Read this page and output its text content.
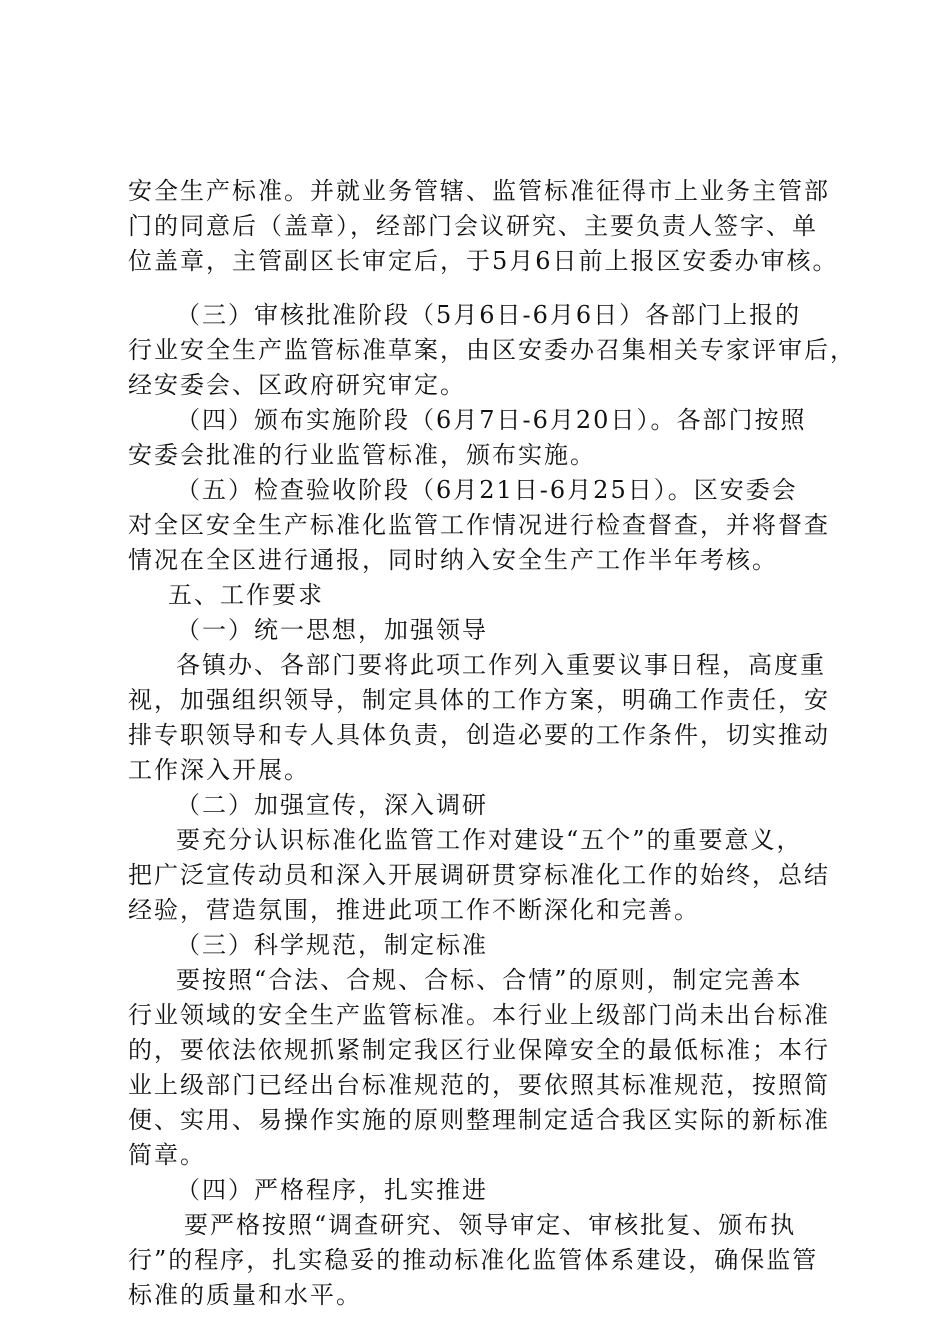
安全生产标准。并就业务管辖、监管标准征得市上业务主管部
门的同意后（盖章），经部门会议研究、主要负责人签字、单
位盖章，主管副区长审定后，于5月6日前上报区安委办审核。
（三）审核批准阶段（5月6日-6月6日）各部门上报的
行业安全生产监管标准草案，由区安委办召集相关专家评审后，
经安委会、区政府研究审定。
（四）颁布实施阶段（6月7日-6月20日）。各部门按照
安委会批准的行业监管标准，颁布实施。
（五）检查验收阶段（6月21日-6月25日）。区安委会
对全区安全生产标准化监管工作情况进行检查督查，并将督查
情况在全区进行通报，同时纳入安全生产工作半年考核。
五、工作要求
（一）统一思想，加强领导
各镇办、各部门要将此项工作列入重要议事日程，高度重
视，加强组织领导，制定具体的工作方案，明确工作责任，安
排专职领导和专人具体负责，创造必要的工作条件，切实推动
工作深入开展。
（二）加强宣传，深入调研
要充分认识标准化监管工作对建设“五个”的重要意义，
把广泛宣传动员和深入开展调研贯穿标准化工作的始终，总结
经验，营造氛围，推进此项工作不断深化和完善。
（三）科学规范，制定标准
要按照“合法、合规、合标、合情”的原则，制定完善本
行业领域的安全生产监管标准。本行业上级部门尚未出台标准
的，要依法依规抓紧制定我区行业保障安全的最低标准；本行
业上级部门已经出台标准规范的，要依照其标准规范，按照简
便、实用、易操作实施的原则整理制定适合我区实际的新标准
简章。
（四）严格程序，扎实推进
要严格按照“调查研究、领导审定、审核批复、颁布执
行”的程序，扎实稳妥的推动标准化监管体系建设，确保监管
标准的质量和水平。
